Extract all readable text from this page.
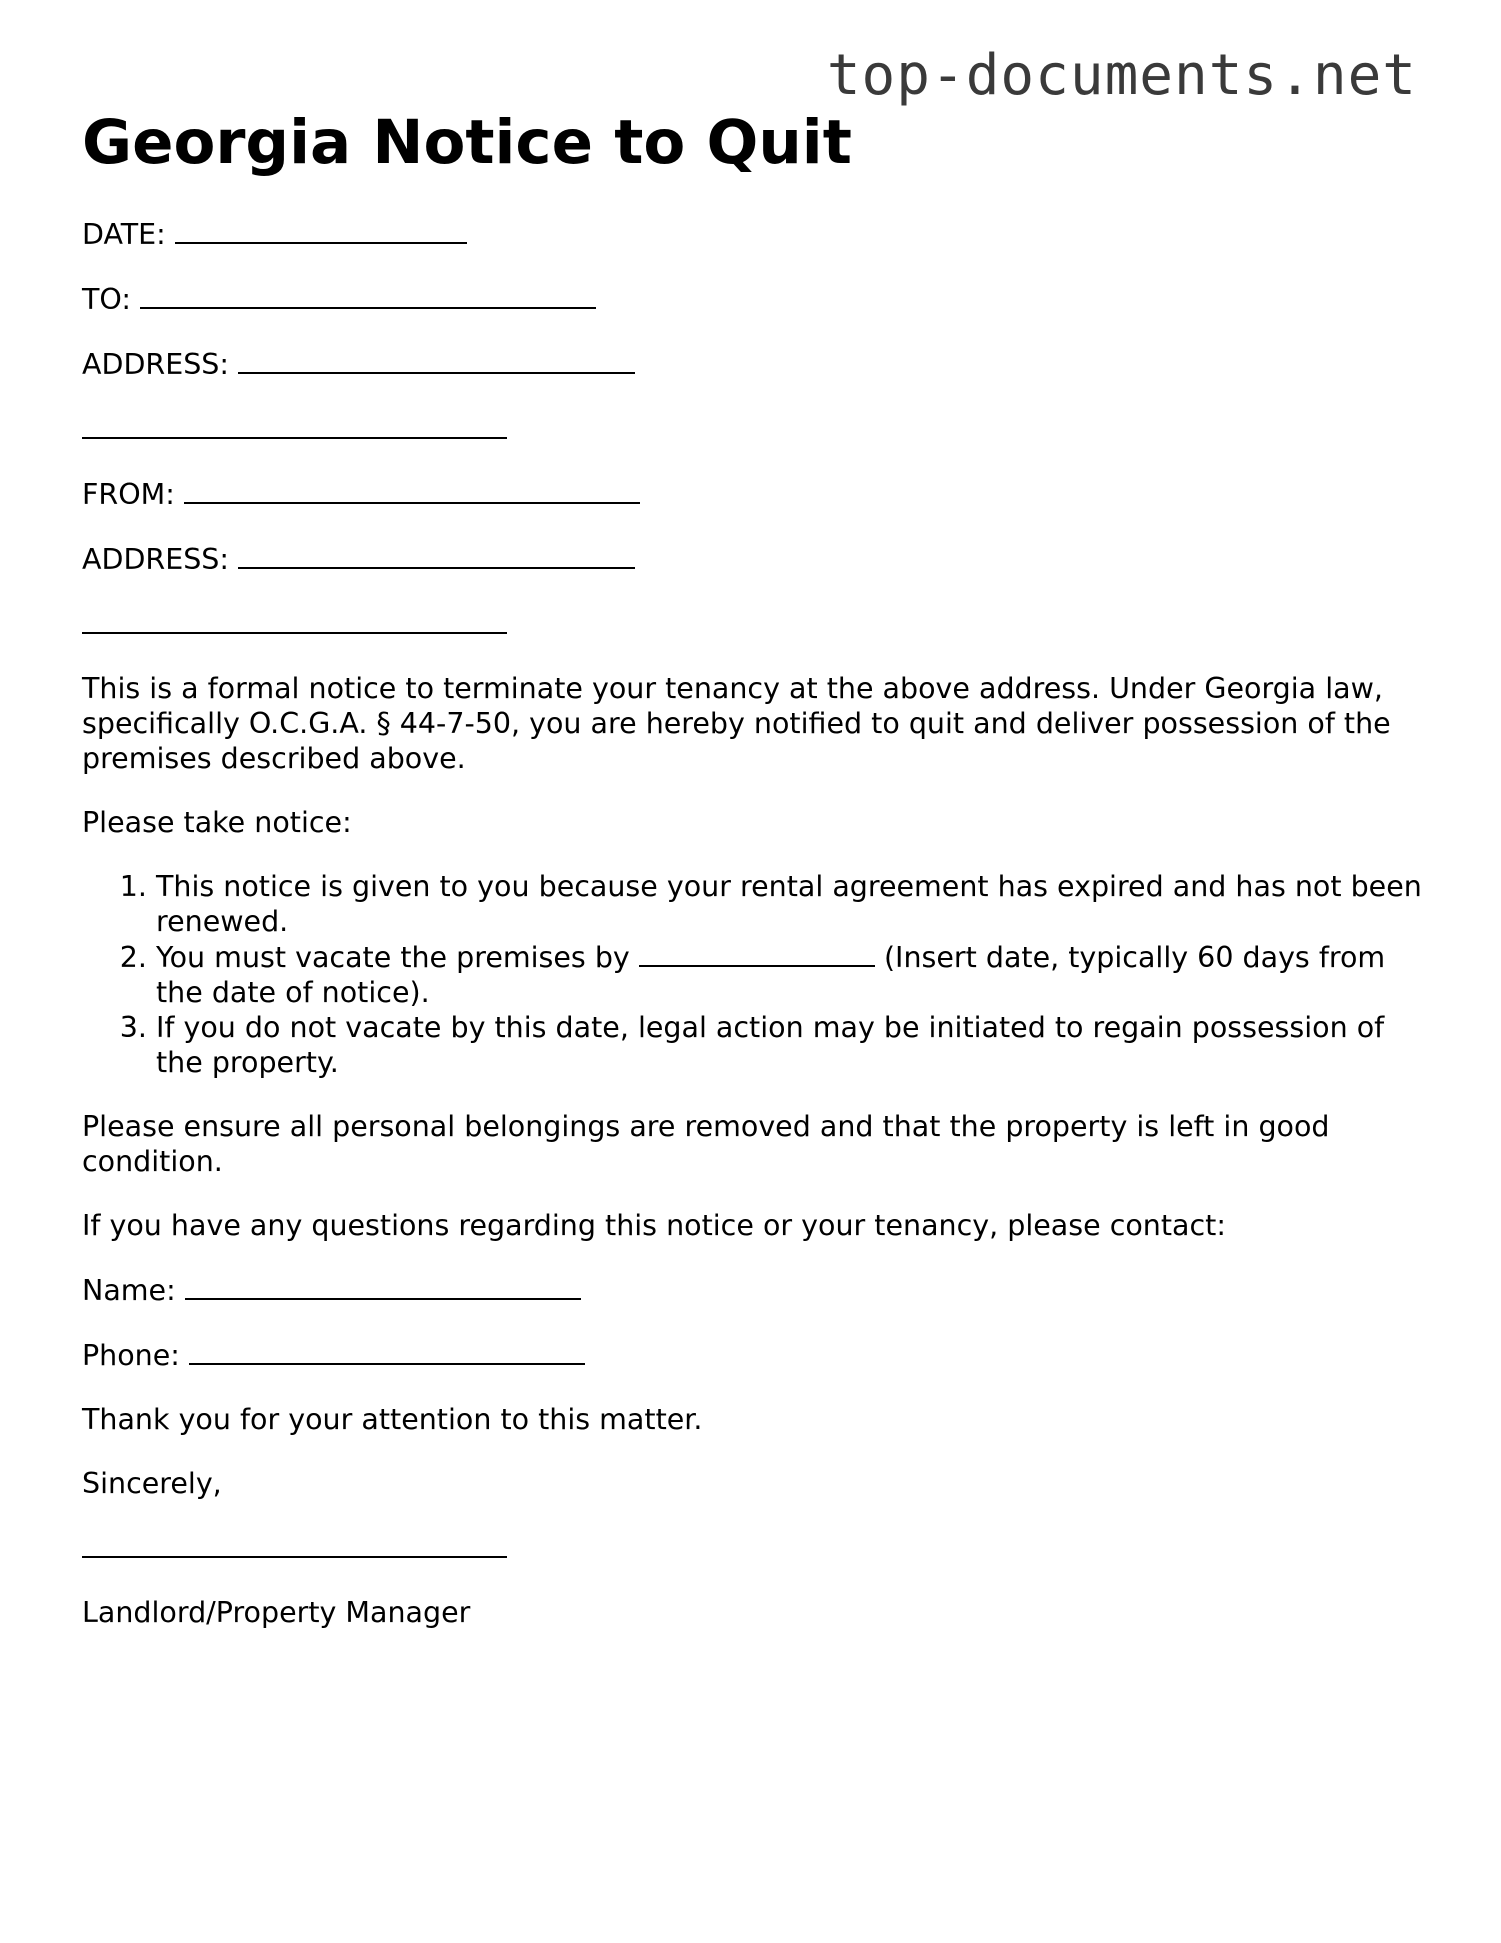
top-documents.net
Georgia Notice to Quit
DATE:
TO:
ADDRESS:
FROM:
ADDRESS:

This is a formal notice to terminate your tenancy at the above address. Under Georgia law, specifically O.C.G.A. § 44-7-50, you are hereby notified to quit and deliver possession of the premises described above.

Please take notice:

1. This notice is given to you because your rental agreement has expired and has not been renewed.
2. You must vacate the premises by	(Insert date, typically 60 days from the date of notice).
3. If you do not vacate by this date, legal action may be initiated to regain possession of the property.

Please ensure all personal belongings are removed and that the property is left in good condition.

If you have any questions regarding this notice or your tenancy, please contact:

Name:
Phone:

Thank you for your attention to this matter.

Sincerely,

Landlord/Property Manager
